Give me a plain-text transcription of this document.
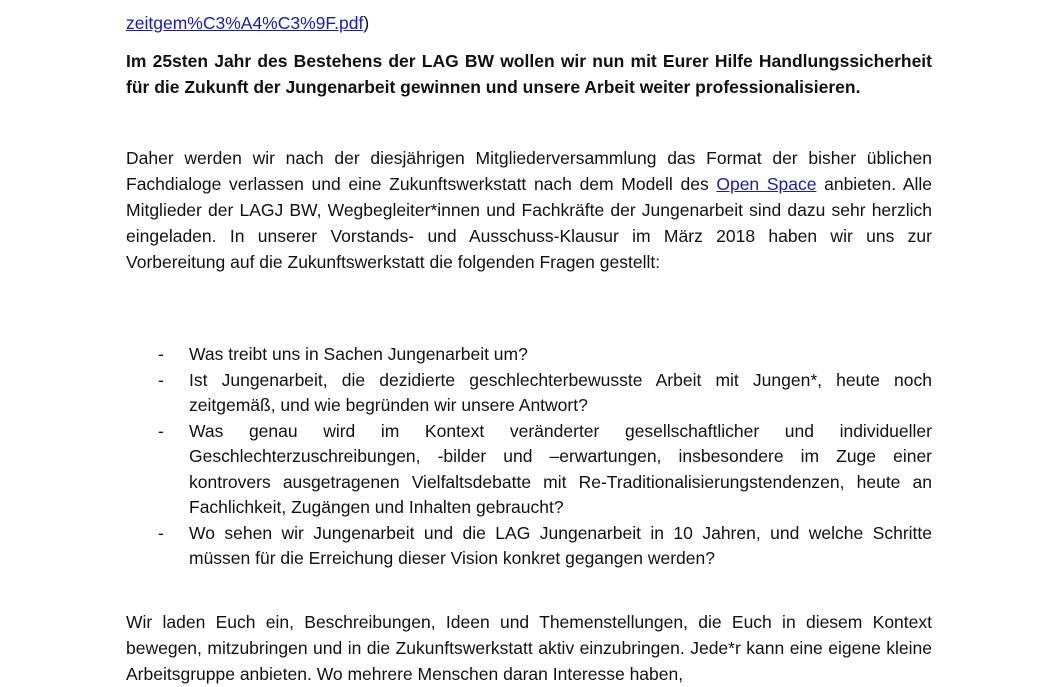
zeitgem%C3%A4%C3%9F.pdf)

Im 25sten Jahr des Bestehens der LAG BW wollen wir nun mit Eurer Hilfe Handlungssicherheit für die Zukunft der Jungenarbeit gewinnen und unsere Arbeit weiter professionalisieren.

Daher werden wir nach der diesjährigen Mitgliederversammlung das Format der bisher üblichen Fachdialoge verlassen und eine Zukunftswerkstatt nach dem Modell des Open Space anbieten. Alle Mitglieder der LAGJ BW, Wegbegleiter*innen und Fachkräfte der Jungenarbeit sind dazu sehr herzlich eingeladen. In unserer Vorstands- und Ausschuss-Klausur im März 2018 haben wir uns zur Vorbereitung auf die Zukunftswerkstatt die folgenden Fragen gestellt:

- Was treibt uns in Sachen Jungenarbeit um?
- Ist Jungenarbeit, die dezidierte geschlechterbewusste Arbeit mit Jungen*, heute noch zeitgemäß, und wie begründen wir unsere Antwort?
- Was genau wird im Kontext veränderter gesellschaftlicher und individueller Geschlechterzuschreibungen, -bilder und –erwartungen, insbesondere im Zuge einer kontrovers ausgetragenen Vielfaltsdebatte mit Re-Traditionalisierungstendenzen, heute an Fachlichkeit, Zugängen und Inhalten gebraucht?
- Wo sehen wir Jungenarbeit und die LAG Jungenarbeit in 10 Jahren, und welche Schritte müssen für die Erreichung dieser Vision konkret gegangen werden?

Wir laden Euch ein, Beschreibungen, Ideen und Themenstellungen, die Euch in diesem Kontext bewegen, mitzubringen und in die Zukunftswerkstatt aktiv einzubringen. Jede*r kann eine eigene kleine Arbeitsgruppe anbieten. Wo mehrere Menschen daran Interesse haben,
